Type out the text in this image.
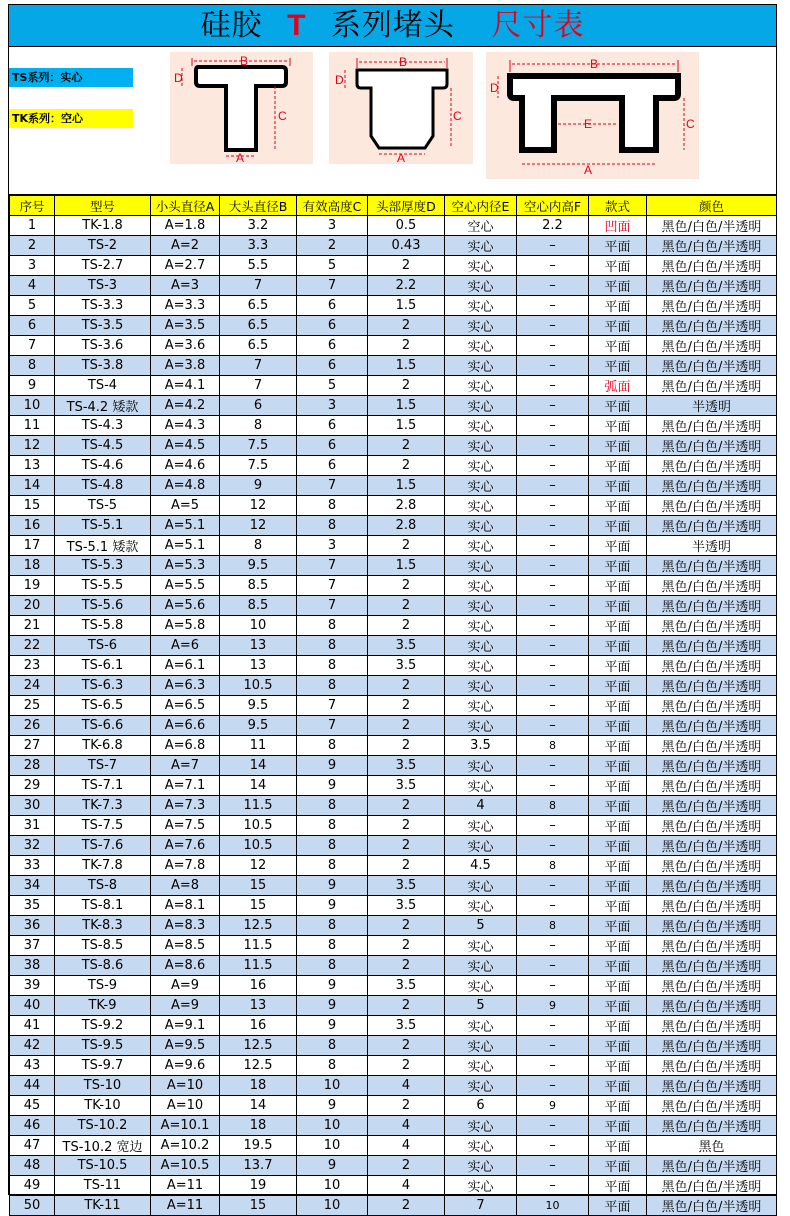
硅胶 T 系列堵头 尺寸表
TS系列：实心
TK系列：空心
B
D
C
A
B
D
C
A
B
D
E	C
A
序号	型号	小头直径A	大头直径B	有效高度C	头部厚度D	空心内径E	空心内高F	款式	颜色
1	TK-1.8	A=1.8	3.2	3	0.5	空心	2.2	凹面	黑色/白色/半透明
2	TS-2	A=2	3.3	2	0.43	实心	–	平面	黑色/白色/半透明
3	TS-2.7	A=2.7	5.5	5	2	实心	–	平面	黑色/白色/半透明
4	TS-3	A=3	7	7	2.2	实心	–	平面	黑色/白色/半透明
5	TS-3.3	A=3.3	6.5	6	1.5	实心	–	平面	黑色/白色/半透明
6	TS-3.5	A=3.5	6.5	6	2	实心	–	平面	黑色/白色/半透明
7	TS-3.6	A=3.6	6.5	6	2	实心	–	平面	黑色/白色/半透明
8	TS-3.8	A=3.8	7	6	1.5	实心	–	平面	黑色/白色/半透明
9	TS-4	A=4.1	7	5	2	实心	–	弧面	黑色/白色/半透明
10	TS-4.2 矮款	A=4.2	6	3	1.5	实心	–	平面	半透明
11	TS-4.3	A=4.3	8	6	1.5	实心	–	平面	黑色/白色/半透明
12	TS-4.5	A=4.5	7.5	6	2	实心	–	平面	黑色/白色/半透明
13	TS-4.6	A=4.6	7.5	6	2	实心	–	平面	黑色/白色/半透明
14	TS-4.8	A=4.8	9	7	1.5	实心	–	平面	黑色/白色/半透明
15	TS-5	A=5	12	8	2.8	实心	–	平面	黑色/白色/半透明
16	TS-5.1	A=5.1	12	8	2.8	实心	–	平面	黑色/白色/半透明
17	TS-5.1 矮款	A=5.1	8	3	2	实心	–	平面	半透明
18	TS-5.3	A=5.3	9.5	7	1.5	实心	–	平面	黑色/白色/半透明
19	TS-5.5	A=5.5	8.5	7	2	实心	–	平面	黑色/白色/半透明
20	TS-5.6	A=5.6	8.5	7	2	实心	–	平面	黑色/白色/半透明
21	TS-5.8	A=5.8	10	8	2	实心	–	平面	黑色/白色/半透明
22	TS-6	A=6	13	8	3.5	实心	–	平面	黑色/白色/半透明
23	TS-6.1	A=6.1	13	8	3.5	实心	–	平面	黑色/白色/半透明
24	TS-6.3	A=6.3	10.5	8	2	实心	–	平面	黑色/白色/半透明
25	TS-6.5	A=6.5	9.5	7	2	实心	–	平面	黑色/白色/半透明
26	TS-6.6	A=6.6	9.5	7	2	实心	–	平面	黑色/白色/半透明
27	TK-6.8	A=6.8	11	8	2	3.5	8	平面	黑色/白色/半透明
28	TS-7	A=7	14	9	3.5	实心	–	平面	黑色/白色/半透明
29	TS-7.1	A=7.1	14	9	3.5	实心	–	平面	黑色/白色/半透明
30	TK-7.3	A=7.3	11.5	8	2	4	8	平面	黑色/白色/半透明
31	TS-7.5	A=7.5	10.5	8	2	实心	–	平面	黑色/白色/半透明
32	TS-7.6	A=7.6	10.5	8	2	实心	–	平面	黑色/白色/半透明
33	TK-7.8	A=7.8	12	8	2	4.5	8	平面	黑色/白色/半透明
34	TS-8	A=8	15	9	3.5	实心	–	平面	黑色/白色/半透明
35	TS-8.1	A=8.1	15	9	3.5	实心	–	平面	黑色/白色/半透明
36	TK-8.3	A=8.3	12.5	8	2	5	8	平面	黑色/白色/半透明
37	TS-8.5	A=8.5	11.5	8	2	实心	–	平面	黑色/白色/半透明
38	TS-8.6	A=8.6	11.5	8	2	实心	–	平面	黑色/白色/半透明
39	TS-9	A=9	16	9	3.5	实心	–	平面	黑色/白色/半透明
40	TK-9	A=9	13	9	2	5	9	平面	黑色/白色/半透明
41	TS-9.2	A=9.1	16	9	3.5	实心	–	平面	黑色/白色/半透明
42	TS-9.5	A=9.5	12.5	8	2	实心	–	平面	黑色/白色/半透明
43	TS-9.7	A=9.6	12.5	8	2	实心	–	平面	黑色/白色/半透明
44	TS-10	A=10	18	10	4	实心	–	平面	黑色/白色/半透明
45	TK-10	A=10	14	9	2	6	9	平面	黑色/白色/半透明
46	TS-10.2	A=10.1	18	10	4	实心	–	平面	黑色/白色/半透明
47	TS-10.2 宽边	A=10.2	19.5	10	4	实心	–	平面	黑色
48	TS-10.5	A=10.5	13.7	9	2	实心	–	平面	黑色/白色/半透明
49	TS-11	A=11	19	10	4	实心	–	平面	黑色/白色/半透明
50	TK-11	A=11	15	10	2	7	10	平面	黑色/白色/半透明
